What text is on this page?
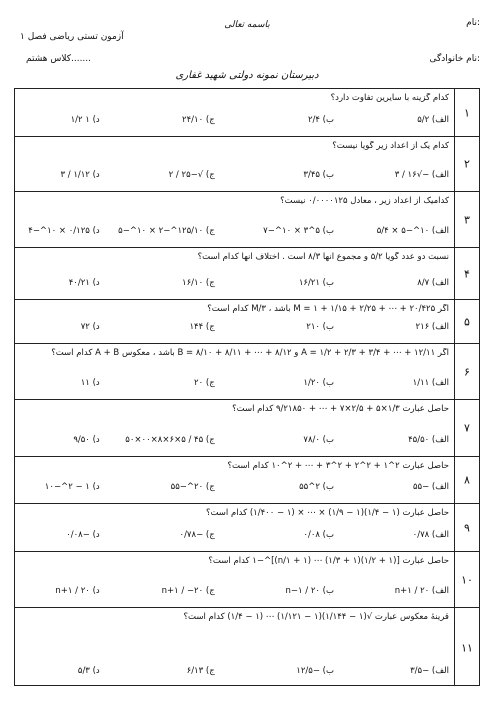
نام:
نام خانوادگی:
باسمه تعالی
آزمون تستی ریاضی فصل ۱
کلاس هشتم.......
دبیرستان نمونه دولتی شهید غفاری
۱
کدام گزینه با سایرین تفاوت دارد؟
الف) ۵/۲
ب) ۲/۴
ج) ۲۴/۱۰
د) ۱ ۱/۲
۲
کدام یک از اعداد زیر گویا نیست؟
الف) −√۱۶ / ۳
ب) ۳/۴۵
ج) √−۲۵ / ۲
د) ۱/۱۲ / ۳
۳
کدامیک از اعداد زیر ، معادل ۰/۰۰۰۰۱۲۵ نیست؟
الف) ۱۰^−۵ × ۵/۴
ب) ۵^۳ × ۱۰^−۷
ج) ۱۲۵/۱۰^−۲ × ۱۰^−۵
د) ۰/۱۲۵ × ۱۰^−۴
۴
نسبت دو عدد گویا ۵/۲ و مجموع آنها ۸/۳ است . اختلاف آنها کدام است؟
الف) ۸/۷
ب) ۱۶/۲۱
ج) ۱۶/۱۰
د) ۴۰/۲۱
۵
اگر M = ۱ + ۱/۱۵ + ۲/۲۵ + ⋯ + ۲۰/۴۲۵ باشد ، M/۳ کدام است؟
الف) ۲۱۶
ب) ۲۱۰
ج) ۱۴۴
د) ۷۲
۶
اگر A = ۱/۲ + ۲/۳ + ۳/۴ + ⋯ + ۱۲/۱۱ و B = ۸/۱۰ + ۸/۱۱ + ⋯ + ۸/۱۲ باشد ، معکوس A + B کدام است؟
الف) ۱/۱۱
ب) ۱/۲۰
ج) ۲۰
د) ۱۱
۷
حاصل عبارت ۱/۳×۵ + ۲/۵×۷ + ⋯ + ۹/۲۱۸۵۰ کدام است؟
الف) ۴۵/۵۰
ب) ۷۸/۰
ج) ۴۵ / ۵×۶×۸×۰۰×۵۰
د) ۹/۵۰
۸
حاصل عبارت ۲^۱ + ۲^۲ + ۲^۳ + ⋯ + ۲^۱۰ کدام است؟
الف) −۵۵
ب) ۲^۵۵
ج) ۲۰^−۵۵
د) ۱ − ۲^−۱۰
۹
حاصل عبارت (۱ − ۱/۴)(۱ − ۱/۹) × ⋯ × (۱ − ۱/۴۰۰) کدام است؟
الف) ۰/۷۸
ب) ۰/۰۸
ج) −۰/۷۸
د) −۰/۰۸
۱۰
حاصل عبارت [(۱ + ۱/۲)(۱ + ۱/۳) ⋯ (۱ + ۱/n)]^−۱ کدام است؟
الف) n+۱ / ۲۰
ب) ۲۰ / n−۱
ج) n+۱ / −۲۰
د) ۲۰ / n+۱
۱۱
قرینهٔ معکوس عبارت √(۱ − ۱/۱۴۴)(۱ − ۱/۱۲۱) ⋯ (۱ − ۱/۴) کدام است؟
الف) −۳/۵
ب) −۱۲/۵
ج) ۶/۱۳
د) ۵/۳
